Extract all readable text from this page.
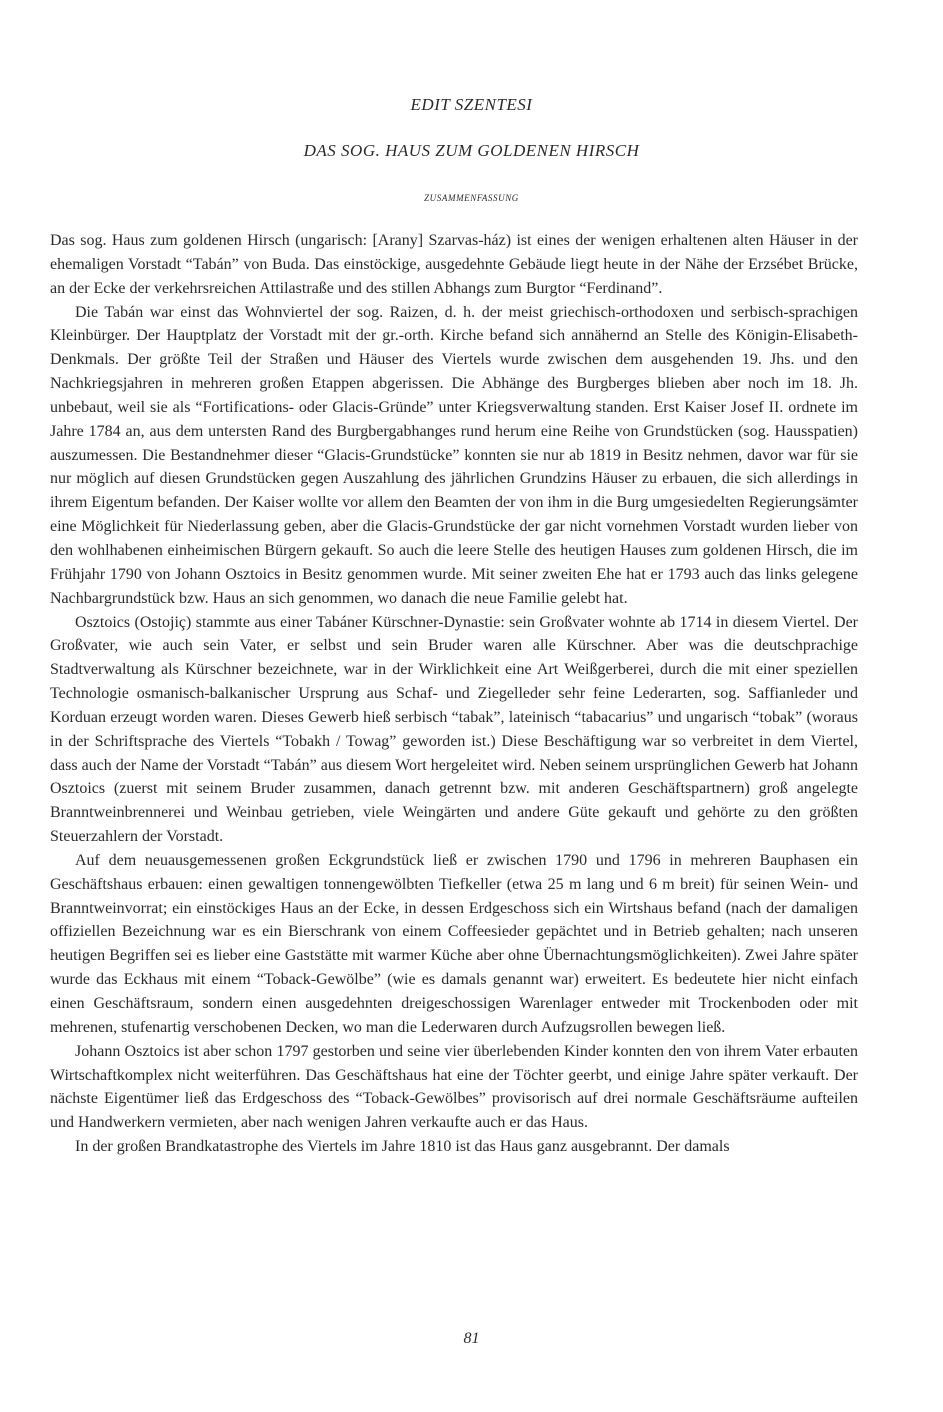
EDIT SZENTESI
DAS SOG. HAUS ZUM GOLDENEN HIRSCH
ZUSAMMENFASSUNG

Das sog. Haus zum goldenen Hirsch (ungarisch: [Arany] Szarvas-ház) ist eines der wenigen erhaltenen alten Häuser in der ehemaligen Vorstadt “Tabán” von Buda. Das einstöckige, ausgedehnte Gebäude liegt heute in der Nähe der Erzsébet Brücke, an der Ecke der verkehrsreichen Attilastraße und des stillen Abhangs zum Burgtor “Ferdinand”.

Die Tabán war einst das Wohnviertel der sog. Raizen, d. h. der meist griechisch-orthodoxen und serbisch-sprachigen Kleinbürger. Der Hauptplatz der Vorstadt mit der gr.-orth. Kirche befand sich annähernd an Stelle des Königin-Elisabeth-Denkmals. Der größte Teil der Straßen und Häuser des Viertels wurde zwischen dem ausgehenden 19. Jhs. und den Nachkriegsjahren in mehreren großen Etappen abgerissen. Die Abhänge des Burgberges blieben aber noch im 18. Jh. unbebaut, weil sie als “Fortifications- oder Glacis-Gründe” unter Kriegsverwaltung standen. Erst Kaiser Josef II. ordnete im Jahre 1784 an, aus dem untersten Rand des Burgbergabhanges rund herum eine Reihe von Grundstücken (sog. Hausspatien) auszumessen. Die Bestandnehmer dieser “Glacis-Grundstücke” konnten sie nur ab 1819 in Besitz nehmen, davor war für sie nur möglich auf diesen Grundstücken gegen Auszahlung des jährlichen Grundzins Häuser zu erbauen, die sich allerdings in ihrem Eigentum befanden. Der Kaiser wollte vor allem den Beamten der von ihm in die Burg umgesiedelten Regierungsämter eine Möglichkeit für Niederlassung geben, aber die Glacis-Grundstücke der gar nicht vornehmen Vorstadt wurden lieber von den wohlhabenen einheimischen Bürgern gekauft. So auch die leere Stelle des heutigen Hauses zum goldenen Hirsch, die im Frühjahr 1790 von Johann Osztoics in Besitz genommen wurde. Mit seiner zweiten Ehe hat er 1793 auch das links gelegene Nachbargrundstück bzw. Haus an sich genommen, wo danach die neue Familie gelebt hat.

Osztoics (Ostojiç) stammte aus einer Tabáner Kürschner-Dynastie: sein Großvater wohnte ab 1714 in diesem Viertel. Der Großvater, wie auch sein Vater, er selbst und sein Bruder waren alle Kürschner. Aber was die deutschprachige Stadtverwaltung als Kürschner bezeichnete, war in der Wirklichkeit eine Art Weißgerberei, durch die mit einer speziellen Technologie osmanisch-balkanischer Ursprung aus Schaf- und Ziegelleder sehr feine Lederarten, sog. Saffianleder und Korduan erzeugt worden waren. Dieses Gewerb hieß serbisch “tabak”, lateinisch “tabacarius” und ungarisch “tobak” (woraus in der Schriftsprache des Viertels “Tobakh / Towag” geworden ist.) Diese Beschäftigung war so verbreitet in dem Viertel, dass auch der Name der Vorstadt “Tabán” aus diesem Wort hergeleitet wird. Neben seinem ursprünglichen Gewerb hat Johann Osztoics (zuerst mit seinem Bruder zusammen, danach getrennt bzw. mit anderen Geschäftspartnern) groß angelegte Branntweinbrennerei und Weinbau getrieben, viele Weingärten und andere Güte gekauft und gehörte zu den größten Steuerzahlern der Vorstadt.

Auf dem neuausgemessenen großen Eckgrundstück ließ er zwischen 1790 und 1796 in mehreren Bauphasen ein Geschäftshaus erbauen: einen gewaltigen tonnengewölbten Tiefkeller (etwa 25 m lang und 6 m breit) für seinen Wein- und Branntweinvorrat; ein einstöckiges Haus an der Ecke, in dessen Erdgeschoss sich ein Wirtshaus befand (nach der damaligen offiziellen Bezeichnung war es ein Bierschrank von einem Coffeesieder gepächtet und in Betrieb gehalten; nach unseren heutigen Begriffen sei es lieber eine Gaststätte mit warmer Küche aber ohne Übernachtungsmöglichkeiten). Zwei Jahre später wurde das Eckhaus mit einem “Toback-Gewölbe” (wie es damals genannt war) erweitert. Es bedeutete hier nicht einfach einen Geschäftsraum, sondern einen ausgedehnten dreigeschossigen Warenlager entweder mit Trockenboden oder mit mehrenen, stufenartig verschobenen Decken, wo man die Lederwaren durch Aufzugsrollen bewegen ließ.

Johann Osztoics ist aber schon 1797 gestorben und seine vier überlebenden Kinder konnten den von ihrem Vater erbauten Wirtschaftkomplex nicht weiterführen. Das Geschäftshaus hat eine der Töchter geerbt, und einige Jahre später verkauft. Der nächste Eigentümer ließ das Erdgeschoss des “Toback-Gewölbes” provisorisch auf drei normale Geschäftsräume aufteilen und Handwerkern vermieten, aber nach wenigen Jahren verkaufte auch er das Haus.

In der großen Brandkatastrophe des Viertels im Jahre 1810 ist das Haus ganz ausgebrannt. Der damals

81
